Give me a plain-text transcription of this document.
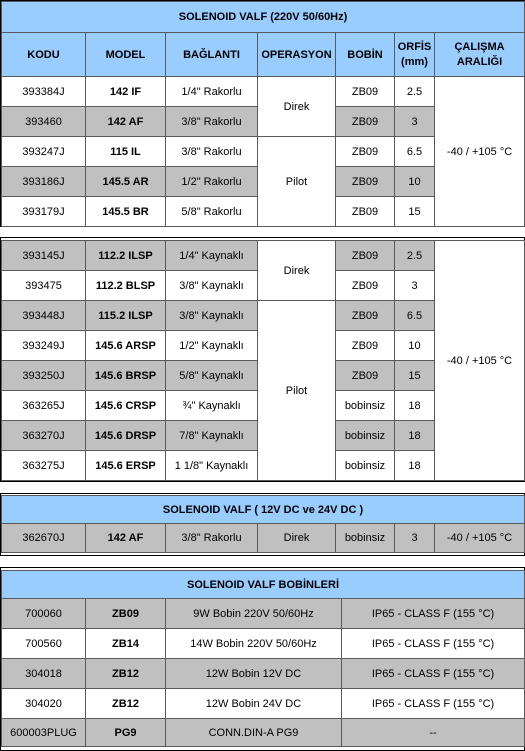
SOLENOID VALF (220V 50/60Hz)						
KODU	MODEL	BAĞLANTI	OPERASYON	BOBİN	ORFİS (mm)	ÇALIŞMA ARALIĞI
393384J	142 IF	1/4" Rakorlu	Direk	ZB09	2.5	-40 / +105 °C
393460	142 AF	3/8" Rakorlu		ZB09	3	
393247J	115 IL	3/8" Rakorlu	Pilot	ZB09	6.5	
393186J	145.5 AR	1/2" Rakorlu		ZB09	10	
393179J	145.5 BR	5/8" Rakorlu		ZB09	15	
393145J	112.2 ILSP	1/4" Kaynaklı	Direk	ZB09	2.5	-40 / +105 °C
393475	112.2 BLSP	3/8" Kaynaklı		ZB09	3	
393448J	115.2 ILSP	3/8" Kaynaklı	Pilot	ZB09	6.5	
393249J	145.6 ARSP	1/2" Kaynaklı		ZB09	10	
393250J	145.6 BRSP	5/8" Kaynaklı		ZB09	15	
363265J	145.6 CRSP	¾" Kaynaklı		bobinsiz	18	
363270J	145.6 DRSP	7/8" Kaynaklı		bobinsiz	18	
363275J	145.6 ERSP	1 1/8" Kaynaklı		bobinsiz	18	
SOLENOID VALF ( 12V DC ve 24V DC )
362670J	142 AF	3/8" Rakorlu	Direk	bobinsiz	3	-40 / +105 °C
SOLENOID VALF BOBİNLERİ			
700060	ZB09	9W Bobin 220V 50/60Hz	IP65 - CLASS F (155 °C)
700560	ZB14	14W Bobin 220V 50/60Hz	IP65 - CLASS F (155 °C)
304018	ZB12	12W Bobin 12V DC	IP65 - CLASS F (155 °C)
304020	ZB12	12W Bobin 24V DC	IP65 - CLASS F (155 °C)
600003PLUG	PG9	CONN.DIN-A PG9	--
